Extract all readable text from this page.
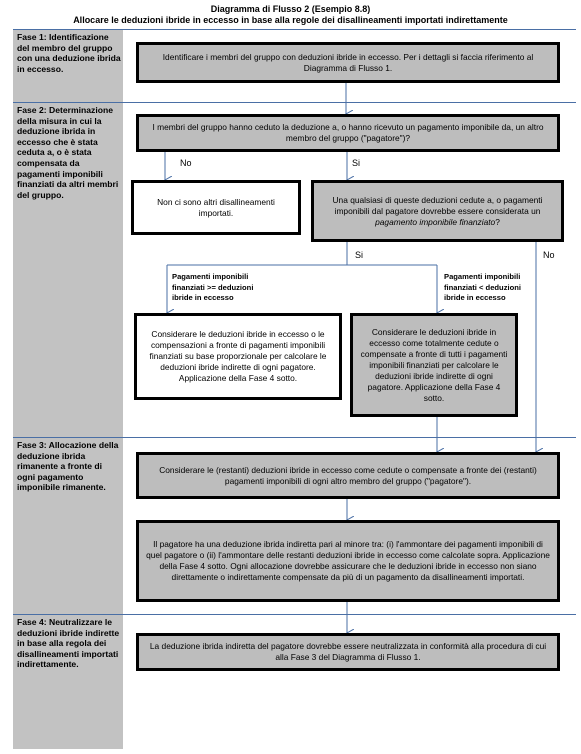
Diagramma di Flusso 2 (Esempio 8.8)
Allocare le deduzioni ibride in eccesso in base alla regole dei disallineamenti importati indirettamente
Fase 1: Identificazione del membro del gruppo con una deduzione ibrida in eccesso.
Fase 2: Determinazione della misura in cui la deduzione ibrida in eccesso che è stata ceduta a, o è stata compensata da pagamenti imponibili finanziati da altri membri del gruppo.
Fase 3: Allocazione della deduzione ibrida rimanente a fronte di ogni pagamento imponibile rimanente.
Fase 4: Neutralizzare le deduzioni ibride indirette in base alla regola dei disallineamenti importati indirettamente.
Identificare i membri del gruppo con deduzioni ibride in eccesso. Per i dettagli si faccia riferimento al Diagramma di Flusso 1.
I membri del gruppo hanno ceduto la deduzione a, o hanno ricevuto un pagamento imponibile da, un altro membro del gruppo ("pagatore")?
Non ci sono altri disallineamenti importati.
Una qualsiasi di queste deduzioni cedute a, o pagamenti imponibili dal pagatore dovrebbe essere considerata un pagamento imponibile finanziato?
Considerare le deduzioni ibride in eccesso o le compensazioni a fronte di pagamenti imponibili finanziati su base proporzionale per calcolare le deduzioni ibride indirette di ogni pagatore. Applicazione della Fase 4 sotto.
Considerare le deduzioni ibride in eccesso come totalmente cedute o compensate a fronte di tutti i pagamenti imponibili finanziati per calcolare le deduzioni ibride indirette di ogni pagatore. Applicazione della Fase 4 sotto.
Considerare le (restanti) deduzioni ibride in eccesso come cedute o compensate a fronte dei (restanti) pagamenti imponibili di ogni altro membro del gruppo ("pagatore").
Il pagatore ha una deduzione ibrida indiretta pari al minore tra: (i) l'ammontare dei pagamenti imponibili di quel pagatore o (ii) l'ammontare delle restanti deduzioni ibride in eccesso come calcolate sopra. Applicazione della Fase 4 sotto. Ogni allocazione dovrebbe assicurare che le deduzioni ibride in eccesso non siano direttamente o indirettamente compensate da più di un pagamento da disallineamenti importati.
La deduzione ibrida indiretta del pagatore dovrebbe essere neutralizzata in conformità alla procedura di cui alla Fase 3 del Diagramma di Flusso 1.
No	Si
Si	No
Pagamenti imponibili finanziati >= deduzioni ibride in eccesso
Pagamenti imponibili finanziati < deduzioni ibride in eccesso
